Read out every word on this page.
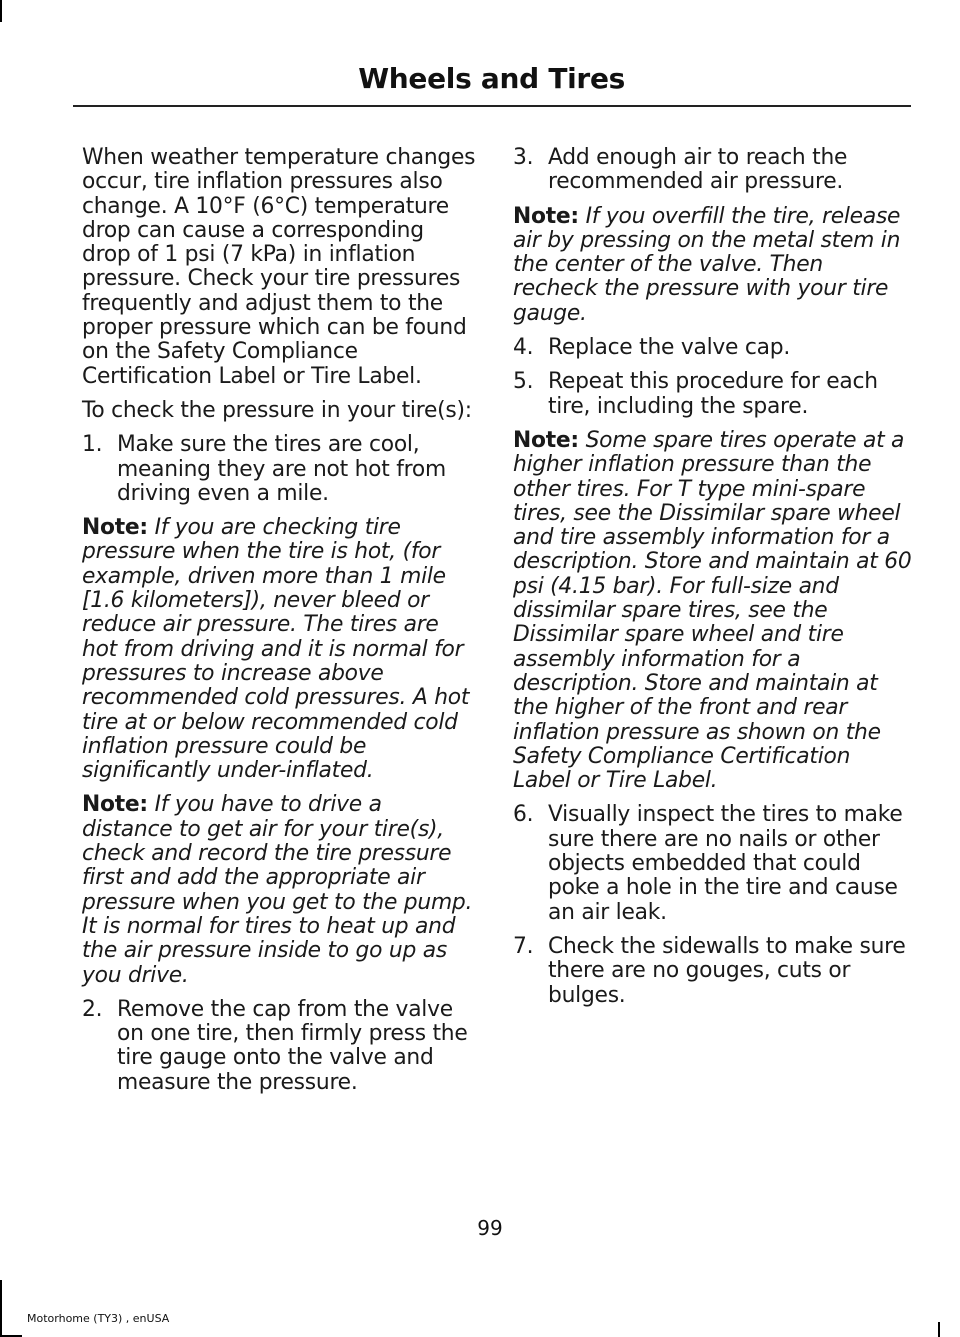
Wheels and Tires

When weather temperature changes occur, tire inflation pressures also change. A 10°F (6°C) temperature drop can cause a corresponding drop of 1 psi (7 kPa) in inflation pressure. Check your tire pressures frequently and adjust them to the proper pressure which can be found on the Safety Compliance Certification Label or Tire Label.

To check the pressure in your tire(s):

1. Make sure the tires are cool, meaning they are not hot from driving even a mile.

Note: If you are checking tire pressure when the tire is hot, (for example, driven more than 1 mile [1.6 kilometers]), never bleed or reduce air pressure. The tires are hot from driving and it is normal for pressures to increase above recommended cold pressures. A hot tire at or below recommended cold inflation pressure could be significantly under-inflated.

Note: If you have to drive a distance to get air for your tire(s), check and record the tire pressure first and add the appropriate air pressure when you get to the pump. It is normal for tires to heat up and the air pressure inside to go up as you drive.

2. Remove the cap from the valve on one tire, then firmly press the tire gauge onto the valve and measure the pressure.
3. Add enough air to reach the recommended air pressure.

Note: If you overfill the tire, release air by pressing on the metal stem in the center of the valve. Then recheck the pressure with your tire gauge.

4. Replace the valve cap.
5. Repeat this procedure for each tire, including the spare.

Note: Some spare tires operate at a higher inflation pressure than the other tires. For T type mini-spare tires, see the Dissimilar spare wheel and tire assembly information for a description. Store and maintain at 60 psi (4.15 bar). For full-size and dissimilar spare tires, see the Dissimilar spare wheel and tire assembly information for a description. Store and maintain at the higher of the front and rear inflation pressure as shown on the Safety Compliance Certification Label or Tire Label.

6. Visually inspect the tires to make sure there are no nails or other objects embedded that could poke a hole in the tire and cause an air leak.
7. Check the sidewalls to make sure there are no gouges, cuts or bulges.
99
Motorhome (TY3) , enUSA
